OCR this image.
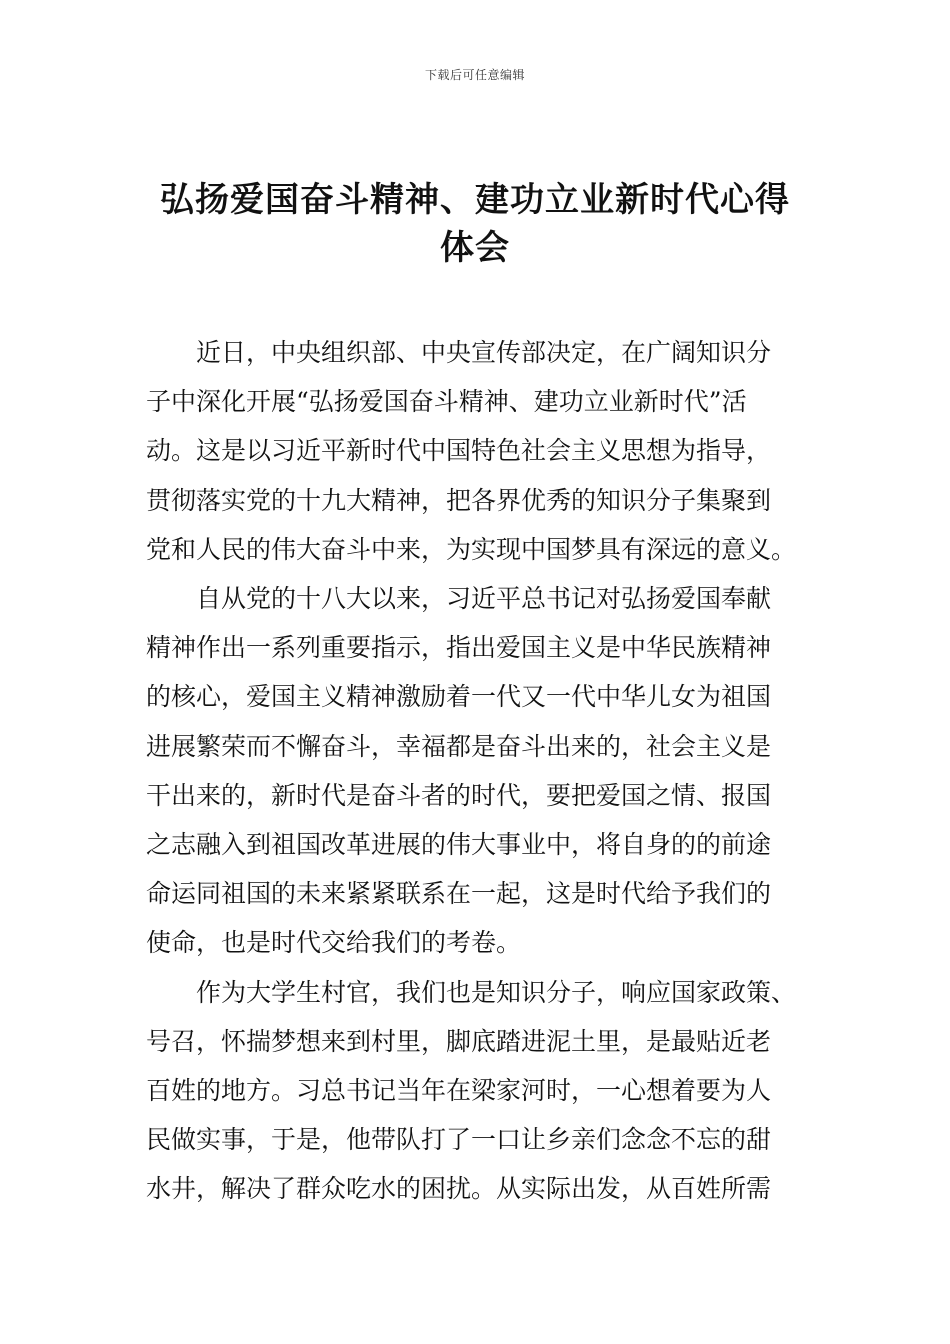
下载后可任意编辑
弘扬爱国奋斗精神、建功立业新时代心得
体会

近日，中央组织部、中央宣传部决定，在广阔知识分
子中深化开展“弘扬爱国奋斗精神、建功立业新时代”活
动。这是以习近平新时代中国特色社会主义思想为指导，
贯彻落实党的十九大精神，把各界优秀的知识分子集聚到
党和人民的伟大奋斗中来，为实现中国梦具有深远的意义。

自从党的十八大以来，习近平总书记对弘扬爱国奉献
精神作出一系列重要指示，指出爱国主义是中华民族精神
的核心，爱国主义精神激励着一代又一代中华儿女为祖国
进展繁荣而不懈奋斗，幸福都是奋斗出来的，社会主义是
干出来的，新时代是奋斗者的时代，要把爱国之情、报国
之志融入到祖国改革进展的伟大事业中，将自身的的前途
命运同祖国的未来紧紧联系在一起，这是时代给予我们的
使命，也是时代交给我们的考卷。

作为大学生村官，我们也是知识分子，响应国家政策、
号召，怀揣梦想来到村里，脚底踏进泥土里，是最贴近老
百姓的地方。习总书记当年在梁家河时，一心想着要为人
民做实事，于是，他带队打了一口让乡亲们念念不忘的甜
水井，解决了群众吃水的困扰。从实际出发，从百姓所需
